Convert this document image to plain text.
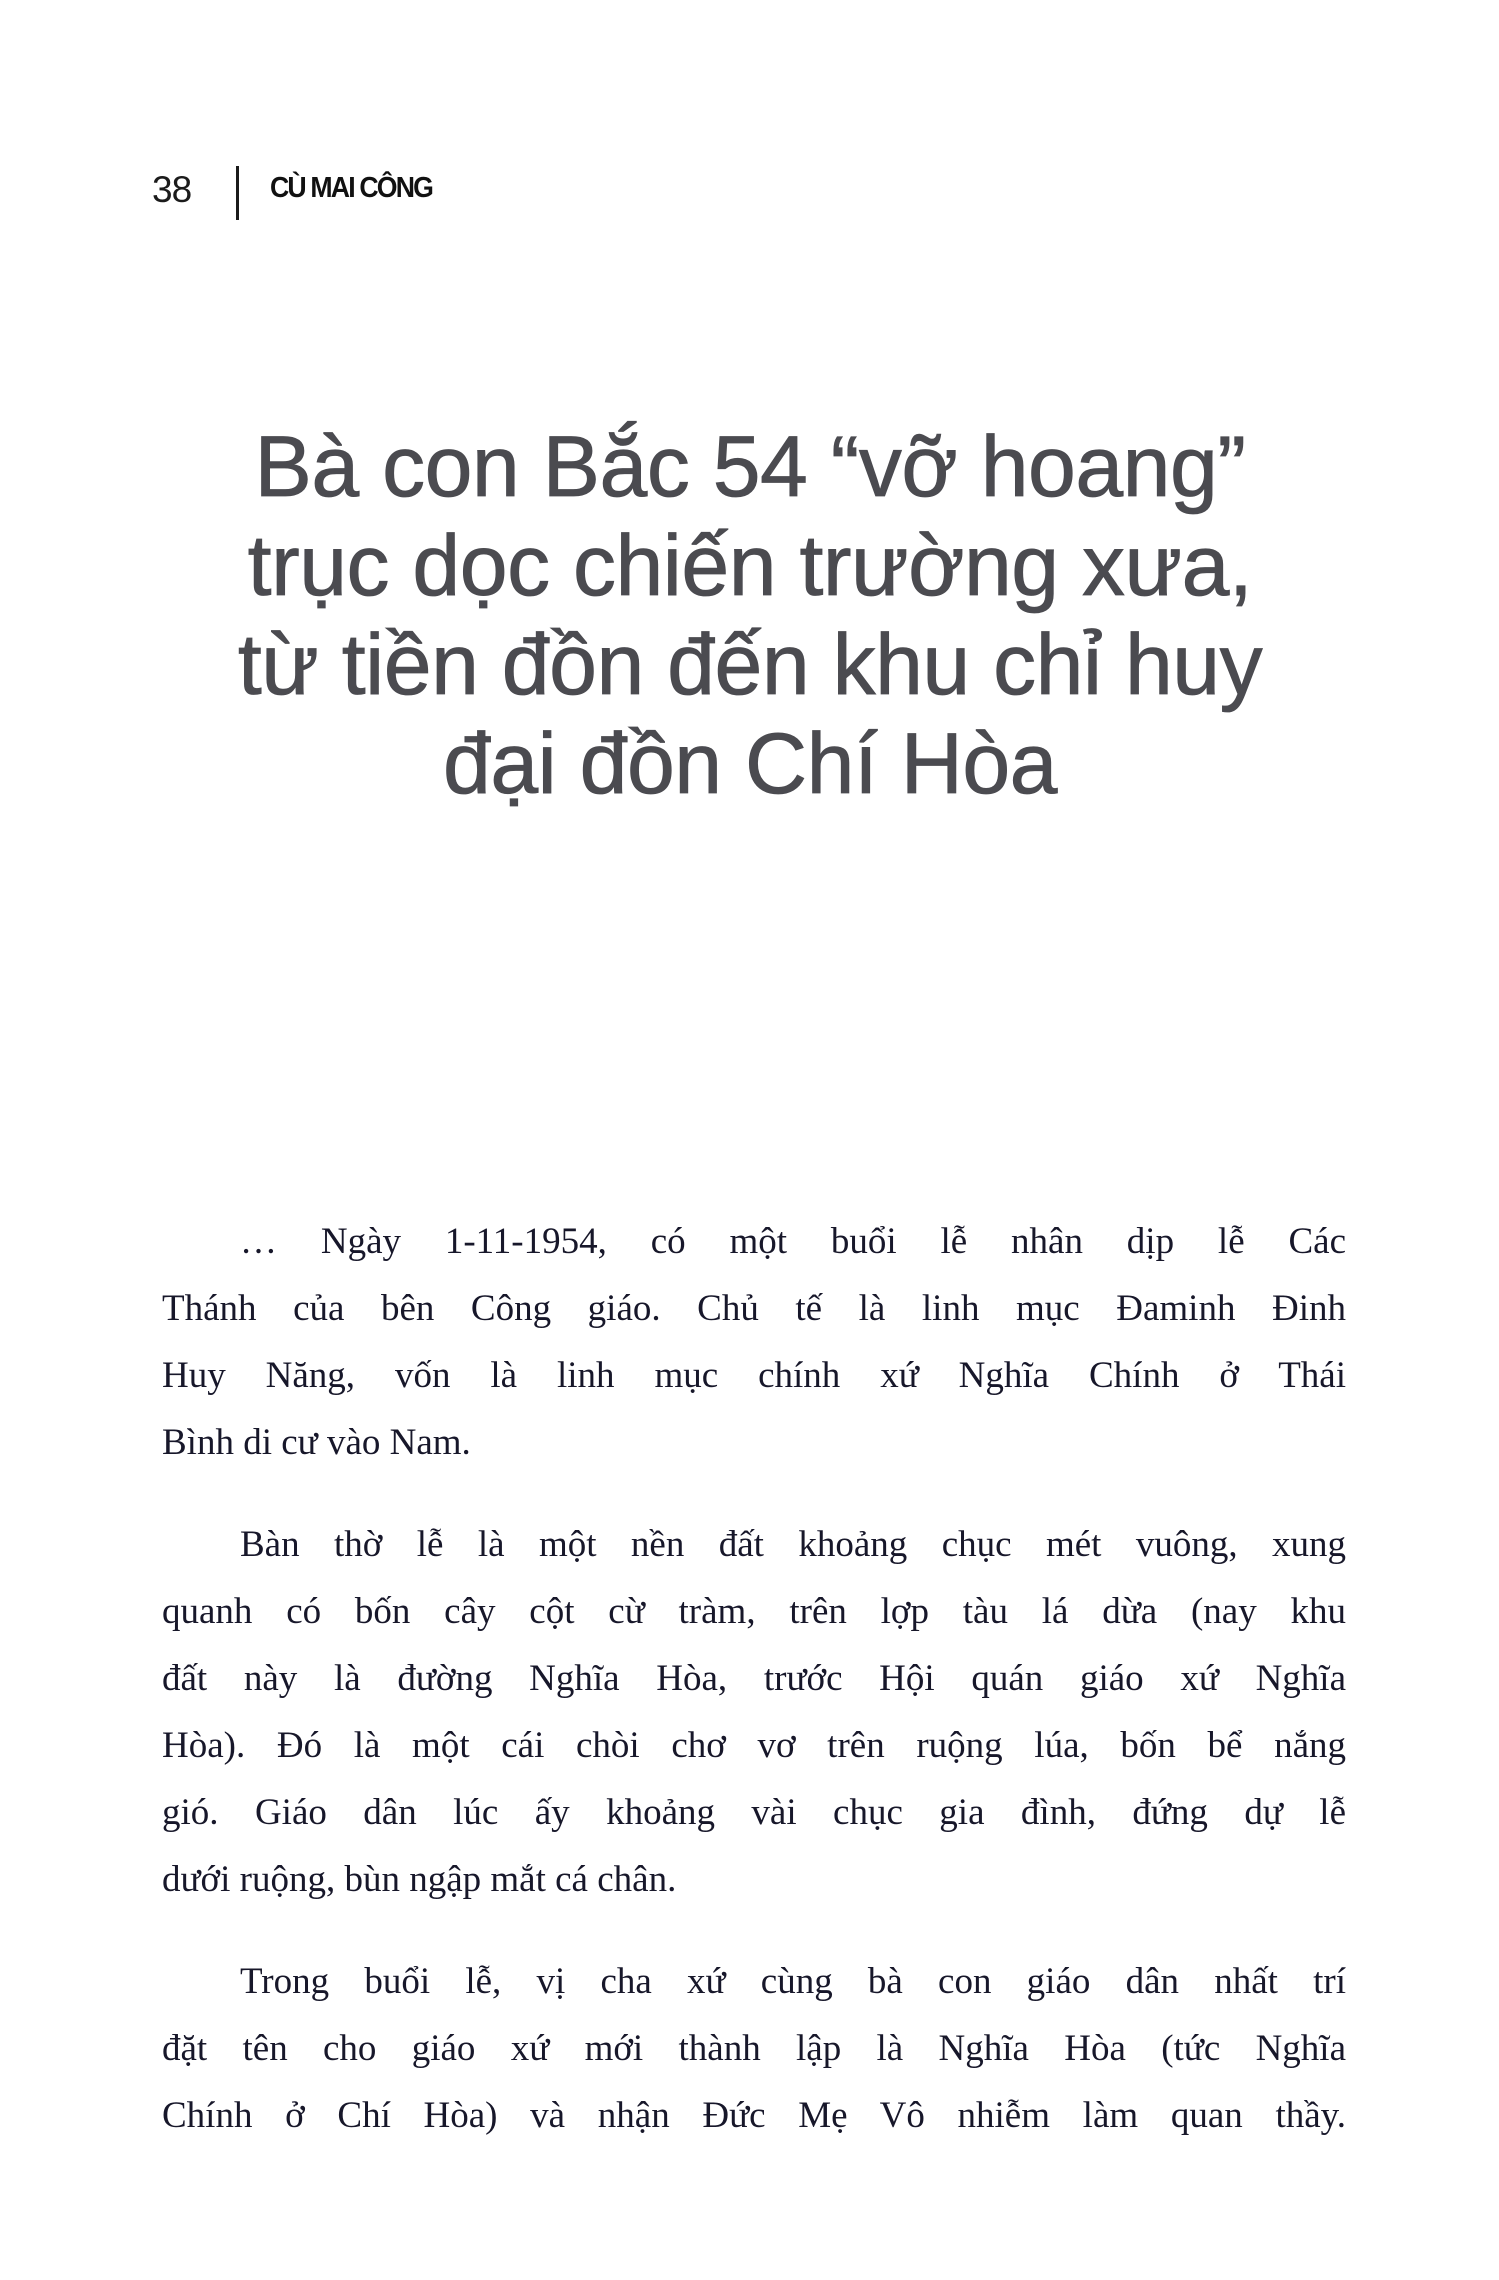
38	CÙ MAI CÔNG
Bà con Bắc 54 “vỡ hoang”
trục dọc chiến trường xưa,
từ tiền đồn đến khu chỉ huy
đại đồn Chí Hòa

… Ngày 1-11-1954, có một buổi lễ nhân dịp lễ Các
Thánh của bên Công giáo. Chủ tế là linh mục Đaminh Đinh
Huy Năng, vốn là linh mục chính xứ Nghĩa Chính ở Thái
Bình di cư vào Nam.

Bàn thờ lễ là một nền đất khoảng chục mét vuông, xung
quanh có bốn cây cột cừ tràm, trên lợp tàu lá dừa (nay khu
đất này là đường Nghĩa Hòa, trước Hội quán giáo xứ Nghĩa
Hòa). Đó là một cái chòi chơ vơ trên ruộng lúa, bốn bể nắng
gió. Giáo dân lúc ấy khoảng vài chục gia đình, đứng dự lễ
dưới ruộng, bùn ngập mắt cá chân.

Trong buổi lễ, vị cha xứ cùng bà con giáo dân nhất trí
đặt tên cho giáo xứ mới thành lập là Nghĩa Hòa (tức Nghĩa
Chính ở Chí Hòa) và nhận Đức Mẹ Vô nhiễm làm quan thầy.
